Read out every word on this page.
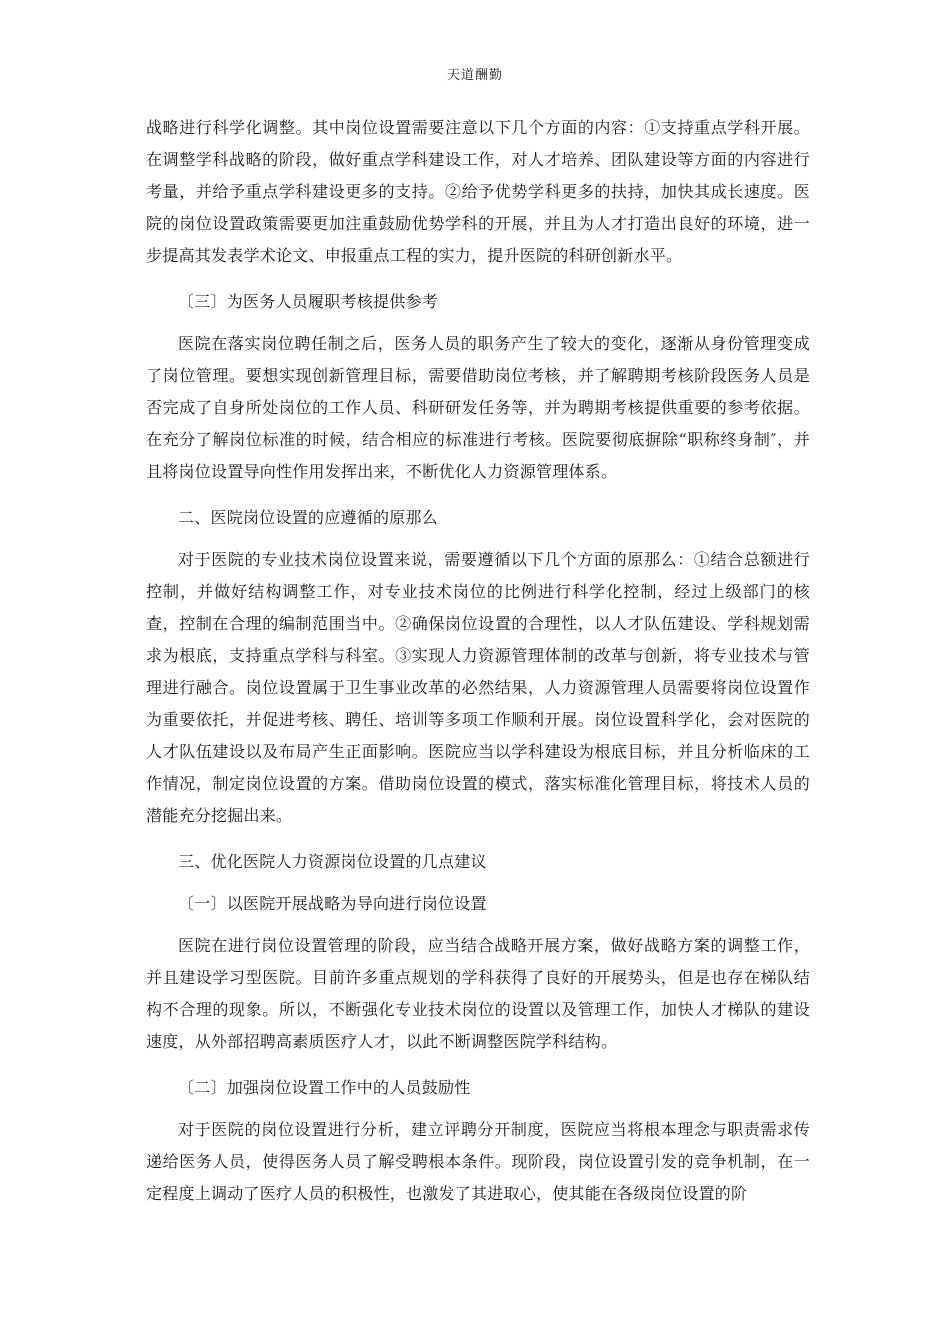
天道酬勤

战略进行科学化调整。其中岗位设置需要注意以下几个方面的内容：①支持重点学科开展。在调整学科战略的阶段，做好重点学科建设工作，对人才培养、团队建设等方面的内容进行考量，并给予重点学科建设更多的支持。②给予优势学科更多的扶持，加快其成长速度。医院的岗位设置政策需要更加注重鼓励优势学科的开展，并且为人才打造出良好的环境，进一步提高其发表学术论文、申报重点工程的实力，提升医院的科研创新水平。

〔三〕为医务人员履职考核提供参考

医院在落实岗位聘任制之后，医务人员的职务产生了较大的变化，逐渐从身份管理变成了岗位管理。要想实现创新管理目标，需要借助岗位考核，并了解聘期考核阶段医务人员是否完成了自身所处岗位的工作人员、科研研发任务等，并为聘期考核提供重要的参考依据。在充分了解岗位标准的时候，结合相应的标准进行考核。医院要彻底摒除“职称终身制″，并且将岗位设置导向性作用发挥出来，不断优化人力资源管理体系。

二、医院岗位设置的应遵循的原那么

对于医院的专业技术岗位设置来说，需要遵循以下几个方面的原那么：①结合总额进行控制，并做好结构调整工作，对专业技术岗位的比例进行科学化控制，经过上级部门的核查，控制在合理的编制范围当中。②确保岗位设置的合理性，以人才队伍建设、学科规划需求为根底，支持重点学科与科室。③实现人力资源管理体制的改革与创新，将专业技术与管理进行融合。岗位设置属于卫生事业改革的必然结果，人力资源管理人员需要将岗位设置作为重要依托，并促进考核、聘任、培训等多项工作顺利开展。岗位设置科学化，会对医院的人才队伍建设以及布局产生正面影响。医院应当以学科建设为根底目标，并且分析临床的工作情况，制定岗位设置的方案。借助岗位设置的模式，落实标准化管理目标，将技术人员的潜能充分挖掘出来。

三、优化医院人力资源岗位设置的几点建议

〔一〕以医院开展战略为导向进行岗位设置

医院在进行岗位设置管理的阶段，应当结合战略开展方案，做好战略方案的调整工作，并且建设学习型医院。目前许多重点规划的学科获得了良好的开展势头，但是也存在梯队结构不合理的现象。所以，不断强化专业技术岗位的设置以及管理工作，加快人才梯队的建设速度，从外部招聘高素质医疗人才，以此不断调整医院学科结构。

〔二〕加强岗位设置工作中的人员鼓励性

对于医院的岗位设置进行分析，建立评聘分开制度，医院应当将根本理念与职责需求传递给医务人员，使得医务人员了解受聘根本条件。现阶段，岗位设置引发的竞争机制，在一定程度上调动了医疗人员的积极性，也激发了其进取心，使其能在各级岗位设置的阶
